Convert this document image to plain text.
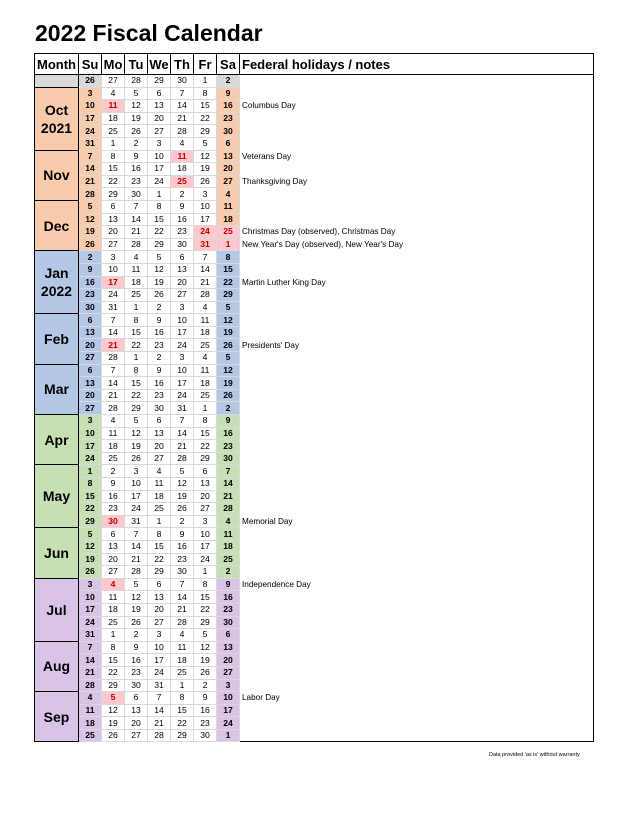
2022 Fiscal Calendar
Month	Su	Mo	Tu	We	Th	Fr	Sa	Federal holidays / notes
	26	27	28	29	30	1	2	
Oct
2021	3	4	5	6	7	8	9	
	10	11	12	13	14	15	16	Columbus Day
	17	18	19	20	21	22	23	
	24	25	26	27	28	29	30	
	31	1	2	3	4	5	6	
Nov	7	8	9	10	11	12	13	Veterans Day
	14	15	16	17	18	19	20	
	21	22	23	24	25	26	27	Thanksgiving Day
	28	29	30	1	2	3	4	
Dec	5	6	7	8	9	10	11	
	12	13	14	15	16	17	18	
	19	20	21	22	23	24	25	Christmas Day (observed), Christmas Day
	26	27	28	29	30	31	1	New Year's Day (observed), New Year's Day
Jan
2022	2	3	4	5	6	7	8	
	9	10	11	12	13	14	15	
	16	17	18	19	20	21	22	Martin Luther King Day
	23	24	25	26	27	28	29	
	30	31	1	2	3	4	5	
Feb	6	7	8	9	10	11	12	
	13	14	15	16	17	18	19	
	20	21	22	23	24	25	26	Presidents' Day
	27	28	1	2	3	4	5	
Mar	6	7	8	9	10	11	12	
	13	14	15	16	17	18	19	
	20	21	22	23	24	25	26	
	27	28	29	30	31	1	2	
Apr	3	4	5	6	7	8	9	
	10	11	12	13	14	15	16	
	17	18	19	20	21	22	23	
	24	25	26	27	28	29	30	
May	1	2	3	4	5	6	7	
	8	9	10	11	12	13	14	
	15	16	17	18	19	20	21	
	22	23	24	25	26	27	28	
	29	30	31	1	2	3	4	Memorial Day
Jun	5	6	7	8	9	10	11	
	12	13	14	15	16	17	18	
	19	20	21	22	23	24	25	
	26	27	28	29	30	1	2	
Jul	3	4	5	6	7	8	9	Independence Day
	10	11	12	13	14	15	16	
	17	18	19	20	21	22	23	
	24	25	26	27	28	29	30	
	31	1	2	3	4	5	6	
Aug	7	8	9	10	11	12	13	
	14	15	16	17	18	19	20	
	21	22	23	24	25	26	27	
	28	29	30	31	1	2	3	
Sep	4	5	6	7	8	9	10	Labor Day
	11	12	13	14	15	16	17	
	18	19	20	21	22	23	24	
	25	26	27	28	29	30	1	
Data provided 'as is' without warranty
